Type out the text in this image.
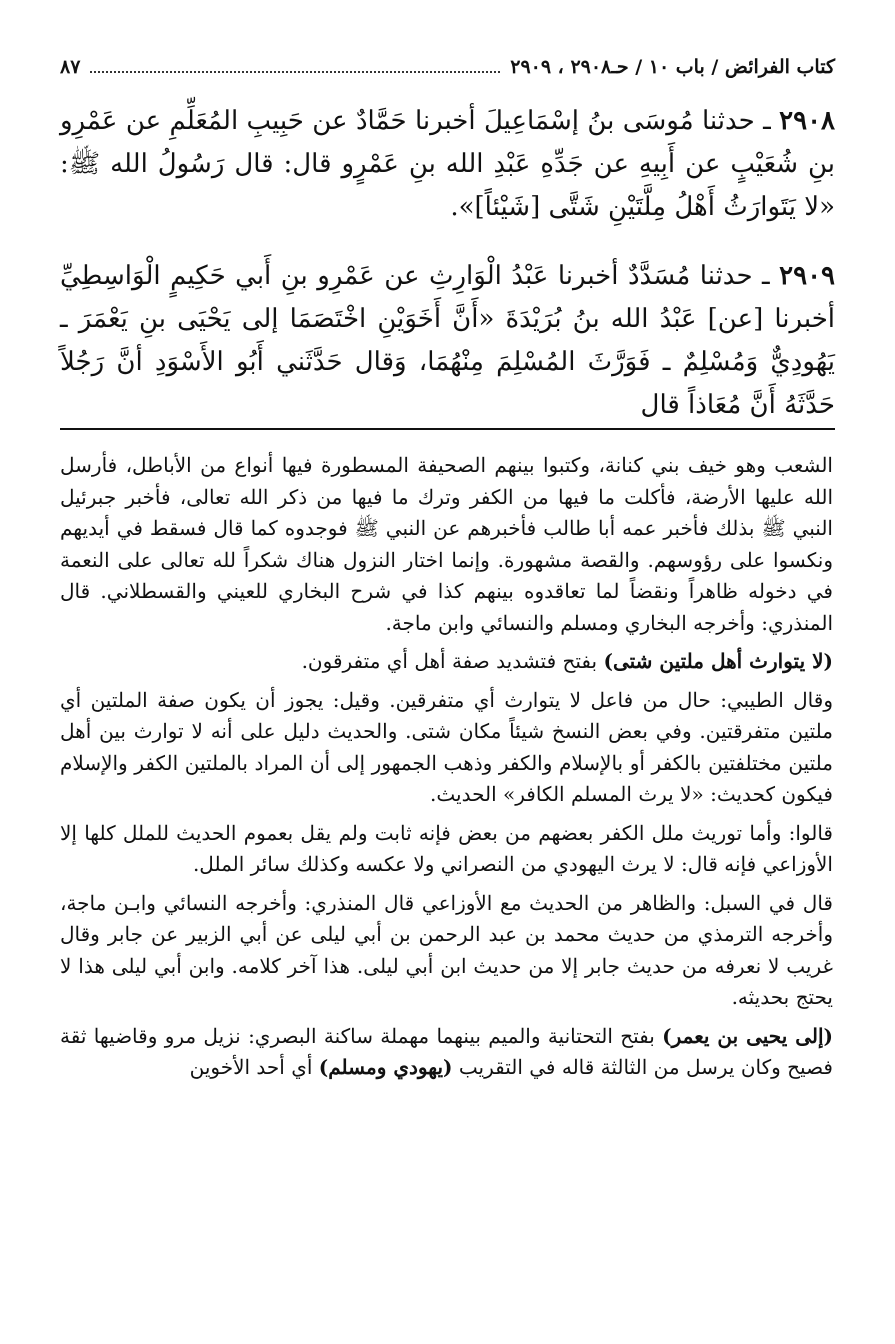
كتاب الفرائض / باب ١٠ / حـ٢٩٠٨ ، ٢٩٠٩
٨٧

٢٩٠٨ ـ حدثنا مُوسَى بنُ إسْمَاعِيلَ أخبرنا حَمَّادٌ عن حَبِيبِ المُعَلِّمِ عن عَمْرِو بنِ شُعَيْبٍ عن أَبِيهِ عن جَدِّهِ عَبْدِ الله بنِ عَمْرٍو قال: قال رَسُولُ الله ﷺ: «لا يَتَوارَثُ أَهْلُ مِلَّتَيْنِ شَتَّى [شَيْئاً]».

٢٩٠٩ ـ حدثنا مُسَدَّدٌ أخبرنا عَبْدُ الْوَارِثِ عن عَمْرِو بنِ أَبي حَكِيمٍ الْوَاسِطِيِّ أخبرنا [عن] عَبْدُ الله بنُ بُرَيْدَةَ «أَنَّ أَخَوَيْنِ اخْتَصَمَا إلى يَحْيَى بنِ يَعْمَرَ ـ يَهُودِيٌّ وَمُسْلِمٌ ـ فَوَرَّثَ المُسْلِمَ مِنْهُمَا، وَقال حَدَّثَني أَبُو الأَسْوَدِ أنَّ رَجُلاً حَدَّثَهُ أَنَّ مُعَاذاً قال

الشعب وهو خيف بني كنانة، وكتبوا بينهم الصحيفة المسطورة فيها أنواع من الأباطل، فأرسل الله عليها الأرضة، فأكلت ما فيها من الكفر وترك ما فيها من ذكر الله تعالى، فأخبر جبرئيل النبي ﷺ بذلك فأخبر عمه أبا طالب فأخبرهم عن النبي ﷺ فوجدوه كما قال فسقط في أيديهم ونكسوا على رؤوسهم. والقصة مشهورة. وإنما اختار النزول هناك شكراً لله تعالى على النعمة في دخوله ظاهراً ونقضاً لما تعاقدوه بينهم كذا في شرح البخاري للعيني والقسطلاني. قال المنذري: وأخرجه البخاري ومسلم والنسائي وابن ماجة.

(لا يتوارث أهل ملتين شتى) بفتح فتشديد صفة أهل أي متفرقون.

وقال الطيبي: حال من فاعل لا يتوارث أي متفرقين. وقيل: يجوز أن يكون صفة الملتين أي ملتين متفرقتين. وفي بعض النسخ شيئاً مكان شتى. والحديث دليل على أنه لا توارث بين أهل ملتين مختلفتين بالكفر أو بالإسلام والكفر وذهب الجمهور إلى أن المراد بالملتين الكفر والإسلام فيكون كحديث: «لا يرث المسلم الكافر» الحديث.

قالوا: وأما توريث ملل الكفر بعضهم من بعض فإنه ثابت ولم يقل بعموم الحديث للملل كلها إلا الأوزاعي فإنه قال: لا يرث اليهودي من النصراني ولا عكسه وكذلك سائر الملل.

قال في السبل: والظاهر من الحديث مع الأوزاعي قال المنذري: وأخرجه النسائي وابـن ماجة، وأخرجه الترمذي من حديث محمد بن عبد الرحمن بن أبي ليلى عن أبي الزبير عن جابر وقال غريب لا نعرفه من حديث جابر إلا من حديث ابن أبي ليلى. هذا آخر كلامه. وابن أبي ليلى هذا لا يحتج بحديثه.

(إلى يحيى بن يعمر) بفتح التحتانية والميم بينهما مهملة ساكنة البصري: نزيل مرو وقاضيها ثقة فصيح وكان يرسل من الثالثة قاله في التقريب (يهودي ومسلم) أي أحد الأخوين
